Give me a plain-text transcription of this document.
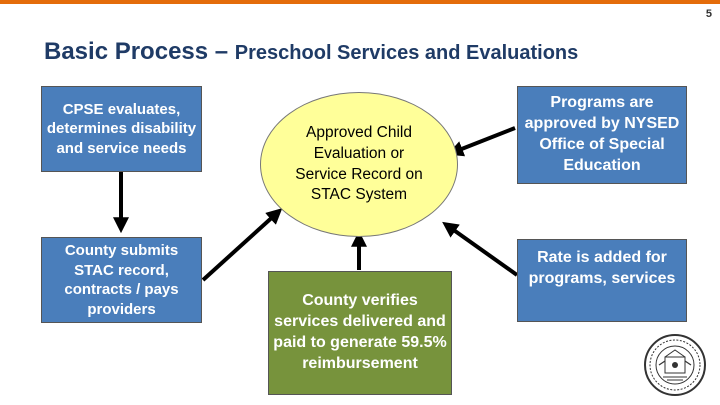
5
Basic Process – Preschool Services and Evaluations
CPSE evaluates, determines disability and service needs
County submits STAC record, contracts / pays providers
Approved Child Evaluation or Service Record on STAC System
Programs are approved by NYSED Office of Special Education
Rate is added for programs, services
County verifies services delivered and paid to generate 59.5% reimbursement
